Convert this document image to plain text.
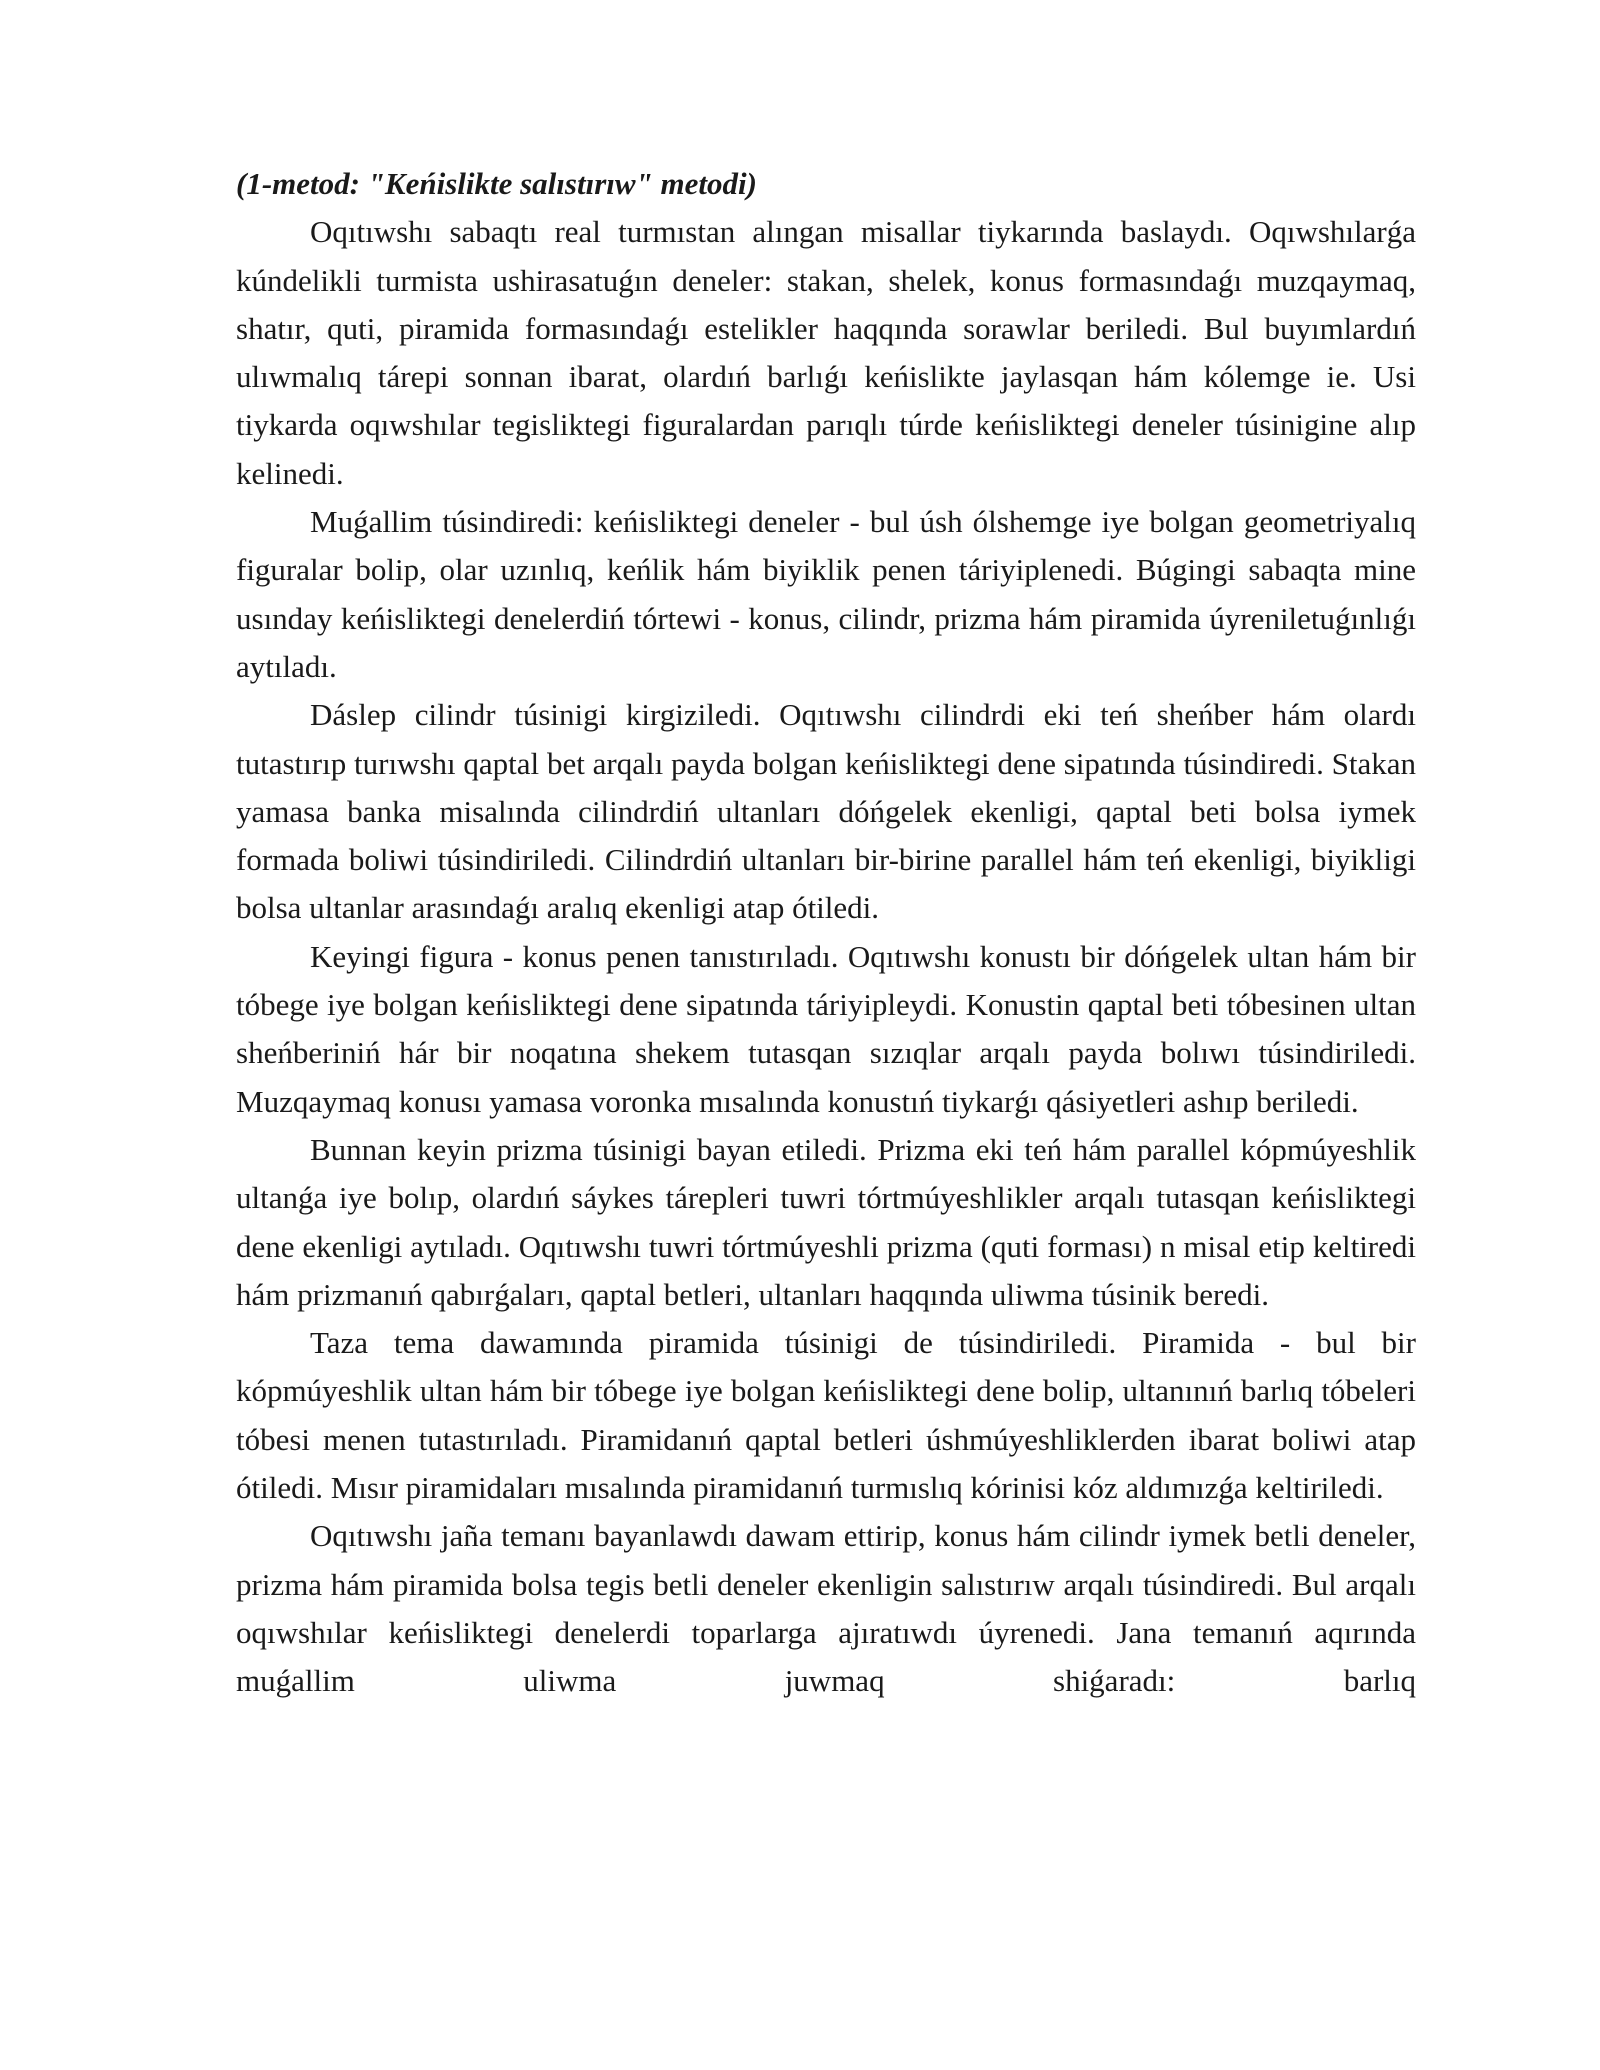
(1-metod: "Keńislikte salıstırıw" metodi)

Oqıtıwshı sabaqtı real turmıstan alıngan misallar tiykarında baslaydı. Oqıwshılarǵa kúndelikli turmista ushirasatuǵın deneler: stakan, shelek, konus formasındaǵı muzqaymaq, shatır, quti, piramida formasındaǵı estelikler haqqında sorawlar beriledi. Bul buyımlardıń ulıwmalıq tárepi sonnan ibarat, olardıń barlıǵı keńislikte jaylasqan hám kólemge ie. Usi tiykarda oqıwshılar tegisliktegi figuralardan parıqlı túrde keńisliktegi deneler túsinigine alıp kelinedi.

Muǵallim túsindiredi: keńisliktegi deneler - bul úsh ólshemge iye bolgan geometriyalıq figuralar bolip, olar uzınlıq, keńlik hám biyiklik penen táriyiplenedi. Búgingi sabaqta mine usınday keńisliktegi denelerdiń tórtewi - konus, cilindr, prizma hám piramida úyreniletuǵınlıǵı aytıladı.

Dáslep cilindr túsinigi kirgiziledi. Oqıtıwshı cilindrdi eki teń sheńber hám olardı tutastırıp turıwshı qaptal bet arqalı payda bolgan keńisliktegi dene sipatında túsindiredi. Stakan yamasa banka misalında cilindrdiń ultanları dóńgelek ekenligi, qaptal beti bolsa iymek formada boliwi túsindiriledi. Cilindrdiń ultanları bir-birine parallel hám teń ekenligi, biyikligi bolsa ultanlar arasındaǵı aralıq ekenligi atap ótiledi.

Keyingi figura - konus penen tanıstırıladı. Oqıtıwshı konustı bir dóńgelek ultan hám bir tóbege iye bolgan keńisliktegi dene sipatında táriyipleydi. Konustin qaptal beti tóbesinen ultan sheńberiniń hár bir noqatına shekem tutasqan sızıqlar arqalı payda bolıwı túsindiriledi. Muzqaymaq konusı yamasa voronka mısalında konustıń tiykarǵı qásiyetleri ashıp beriledi.

Bunnan keyin prizma túsinigi bayan etiledi. Prizma eki teń hám parallel kópmúyeshlik ultanǵa iye bolıp, olardıń sáykes tárepleri tuwri tórtmúyeshlikler arqalı tutasqan keńisliktegi dene ekenligi aytıladı. Oqıtıwshı tuwri tórtmúyeshli prizma (quti forması) n misal etip keltiredi hám prizmanıń qabırǵaları, qaptal betleri, ultanları haqqında uliwma túsinik beredi.

Taza tema dawamında piramida túsinigi de túsindiriledi. Piramida - bul bir kópmúyeshlik ultan hám bir tóbege iye bolgan keńisliktegi dene bolip, ultanınıń barlıq tóbeleri tóbesi menen tutastırıladı. Piramidanıń qaptal betleri úshmúyeshliklerden ibarat boliwi atap ótiledi. Mısır piramidaları mısalında piramidanıń turmıslıq kórinisi kóz aldımızǵa keltiriledi.

Oqıtıwshı jaña temanı bayanlawdı dawam ettirip, konus hám cilindr iymek betli deneler, prizma hám piramida bolsa tegis betli deneler ekenligin salıstırıw arqalı túsindiredi. Bul arqalı oqıwshılar keńisliktegi denelerdi toparlarga ajıratıwdı úyrenedi. Jana temanıń aqırında muǵallim uliwma juwmaq shiǵaradı: barlıq
